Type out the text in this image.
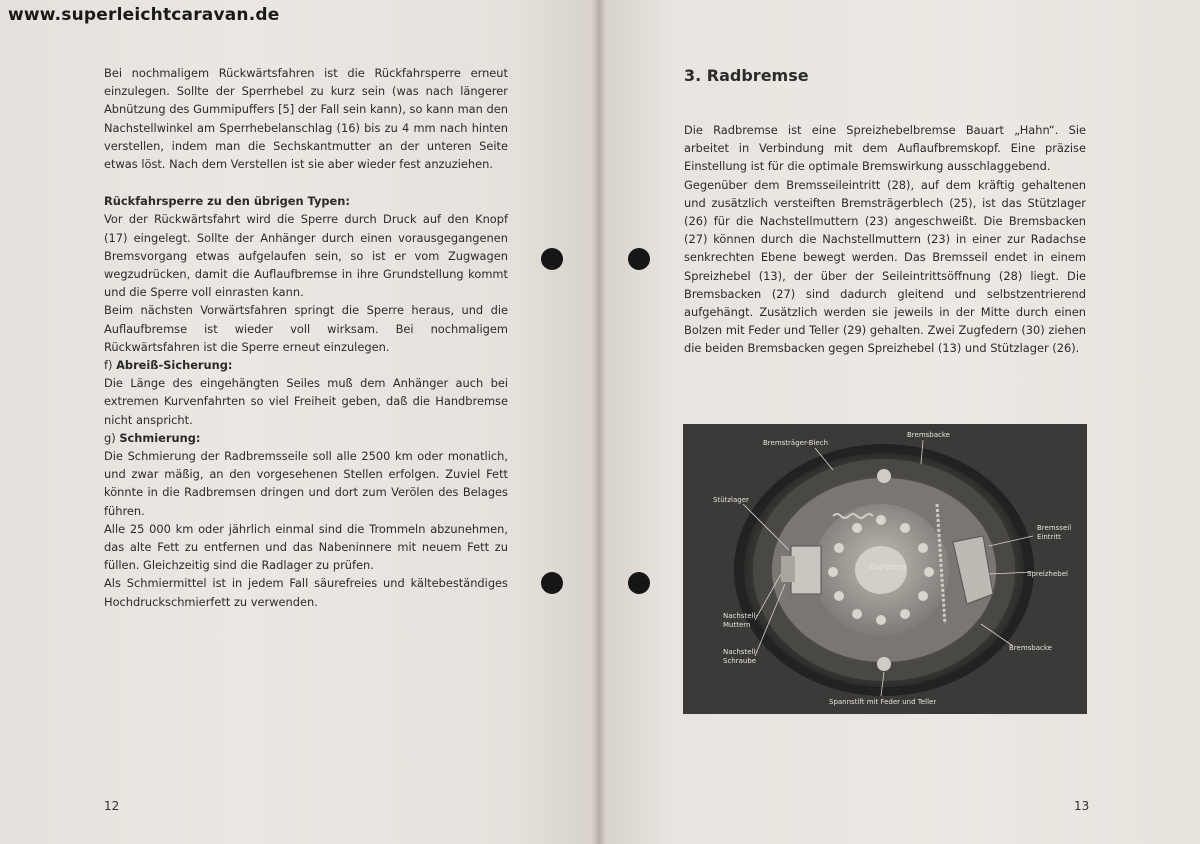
www.superleichtcaravan.de

Bei nochmaligem Rückwärtsfahren ist die Rückfahrsperre erneut einzulegen. Sollte der Sperrhebel zu kurz sein (was nach längerer Abnützung des Gummipuffers [5] der Fall sein kann), so kann man den Nachstellwinkel am Sperrhebelanschlag (16) bis zu 4 mm nach hinten verstellen, indem man die Sechskantmutter an der unteren Seite etwas löst. Nach dem Verstellen ist sie aber wieder fest anzuziehen.

Rückfahrsperre zu den übrigen Typen:

Vor der Rückwärtsfahrt wird die Sperre durch Druck auf den Knopf (17) eingelegt. Sollte der Anhänger durch einen vorausgegangenen Bremsvorgang etwas aufgelaufen sein, so ist er vom Zugwagen wegzudrücken, damit die Auflaufbremse in ihre Grundstellung kommt und die Sperre voll einrasten kann.

Beim nächsten Vorwärtsfahren springt die Sperre heraus, und die Auflaufbremse ist wieder voll wirksam. Bei nochmaligem Rückwärtsfahren ist die Sperre erneut einzulegen.

f) Abreiß-Sicherung:

Die Länge des eingehängten Seiles muß dem Anhänger auch bei extremen Kurvenfahrten so viel Freiheit geben, daß die Handbremse nicht anspricht.

g) Schmierung:

Die Schmierung der Radbremsseile soll alle 2500 km oder monatlich, und zwar mäßig, an den vorgesehenen Stellen erfolgen. Zuviel Fett könnte in die Radbremsen dringen und dort zum Verölen des Belages führen.

Alle 25 000 km oder jährlich einmal sind die Trommeln abzunehmen, das alte Fett zu entfernen und das Nabeninnere mit neuem Fett zu füllen. Gleichzeitig sind die Radlager zu prüfen.

Als Schmiermittel ist in jedem Fall säurefreies und kältebeständiges Hochdruckschmierfett zu verwenden.

12
3. Radbremse

Die Radbremse ist eine Spreizhebelbremse Bauart „Hahn“. Sie arbeitet in Verbindung mit dem Auflaufbremskopf. Eine präzise Einstellung ist für die optimale Bremswirkung ausschlaggebend.

Gegenüber dem Bremsseileintritt (28), auf dem kräftig gehaltenen und zusätzlich versteiften Bremsträgerblech (25), ist das Stützlager (26) für die Nachstellmuttern (23) angeschweißt. Die Bremsbacken (27) können durch die Nachstellmuttern (23) in einer zur Radachse senkrechten Ebene bewegt werden. Das Bremsseil endet in einem Spreizhebel (13), der über der Seileintrittsöffnung (28) liegt. Die Bremsbacken (27) sind dadurch gleitend und selbstzentrierend aufgehängt. Zusätzlich werden sie jeweils in der Mitte durch einen Bolzen mit Feder und Teller (29) gehalten. Zwei Zugfedern (30) ziehen die beiden Bremsbacken gegen Spreizhebel (13) und Stützlager (26).

Bremsträger-Blech
Bremsbacke
Stützlager
Bremsseil
Eintritt
Zugfedern
Spreizhebel
Nachstell-
Muttern
Nachstell-
Schraube
Bremsbacke
Spannstift mit Feder und Teller
13
